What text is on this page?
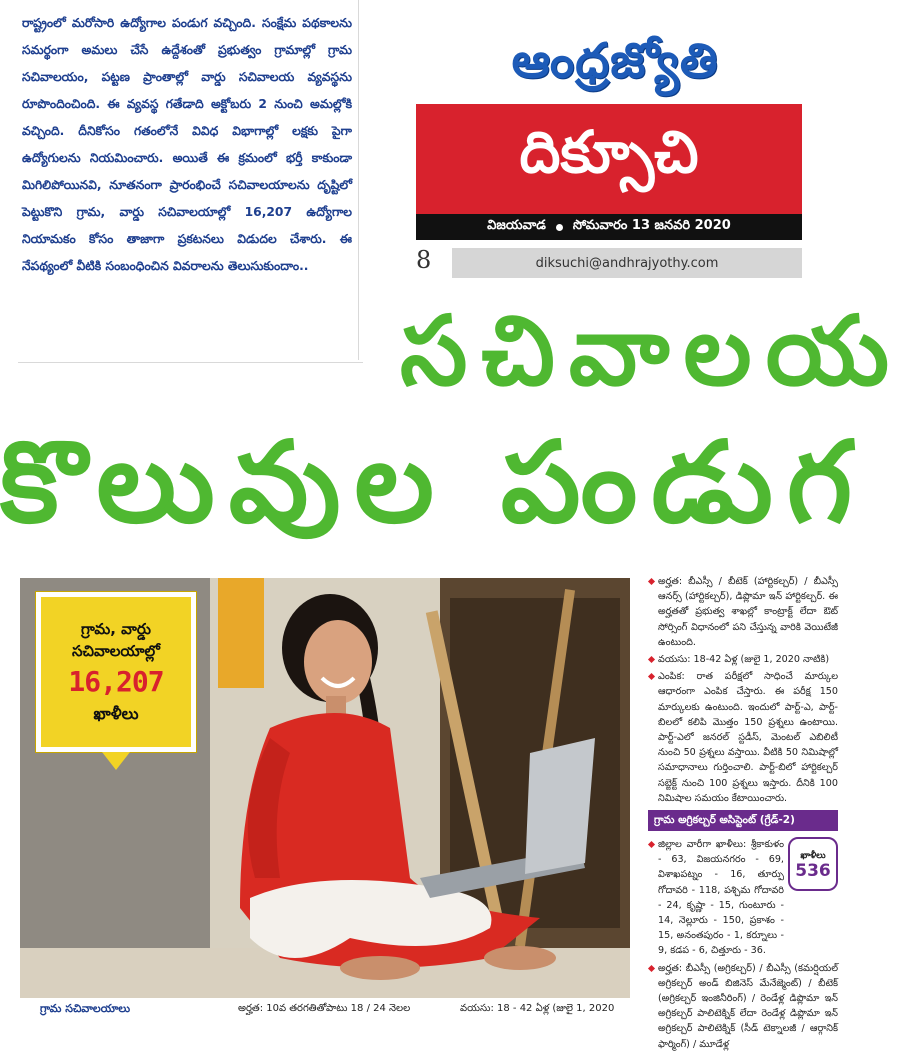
రాష్ట్రంలో మరోసారి ఉద్యోగాల పండుగ వచ్చింది. సంక్షేమ పథకాలను సమర్థంగా అమలు చేసే ఉద్దేశంతో ప్రభుత్వం గ్రామాల్లో గ్రామ సచివాలయం, పట్టణ ప్రాంతాల్లో వార్డు సచివాలయ వ్యవస్థను రూపొందించింది. ఈ వ్యవస్థ గతేడాది అక్టోబరు 2 నుంచి అమల్లోకి వచ్చింది. దీనికోసం గతంలోనే వివిధ విభాగాల్లో లక్షకు పైగా ఉద్యోగులను నియమించారు. అయితే ఈ క్రమంలో భర్తీ కాకుండా మిగిలిపోయినవి, నూతనంగా ప్రారంభించే సచివాలయాలను దృష్టిలో పెట్టుకొని గ్రామ, వార్డు సచివాలయాల్లో 16,207 ఉద్యోగాల నియామకం కోసం తాజాగా ప్రకటనలు విడుదల చేశారు. ఈ నేపథ్యంలో వీటికి సంబంధించిన వివరాలను తెలుసుకుందాం..

ఆంధ్రజ్యోతి
దిక్సూచి
విజయవాడ సోమవారం 13 జనవరి 2020
8	diksuchi@andhrajyothy.com
సచివాలయ
కొలువుల పండుగ
గ్రామ, వార్డు
సచివాలయాల్లో
16,207
ఖాళీలు
అర్హత: బీఎస్సీ / బీటెక్ (హార్టికల్చర్) / బీఎస్సీ ఆనర్స్ (హార్టికల్చర్), డిప్లొమా ఇన్ హార్టికల్చర్. ఈ అర్హతతో ప్రభుత్వ శాఖల్లో కాంట్రాక్ట్ లేదా ఔట్ సోర్సింగ్ విధానంలో పని చేస్తున్న వారికి వెయిటేజీ ఉంటుంది.
వయసు: 18-42 ఏళ్ల (జులై 1, 2020 నాటికి)
ఎంపిక: రాత పరీక్షలో సాధించే మార్కుల ఆధారంగా ఎంపిక చేస్తారు. ఈ పరీక్ష 150 మార్కులకు ఉంటుంది. ఇందులో పార్ట్-ఎ, పార్ట్-బిలలో కలిపి మొత్తం 150 ప్రశ్నలు ఉంటాయి. పార్ట్-ఎలో జనరల్ స్టడీస్, మెంటల్ ఎబిలిటీ నుంచి 50 ప్రశ్నలు వస్తాయి. వీటికి 50 నిమిషాల్లో సమాధానాలు గుర్తించాలి. పార్ట్-బిలో హార్టికల్చర్ సబ్జెక్ట్ నుంచి 100 ప్రశ్నలు ఇస్తారు. దీనికి 100 నిమిషాల సమయం కేటాయించారు.
గ్రామ అగ్రికల్చర్ అసిస్టెంట్ (గ్రేడ్-2)
ఖాళీలు
536
జిల్లాల వారీగా ఖాళీలు: శ్రీకాకుళం - 63, విజయనగరం - 69, విశాఖపట్నం - 16, తూర్పు గోదావరి - 118, పశ్చిమ గోదావరి - 24, కృష్ణా - 15, గుంటూరు - 14, నెల్లూరు - 150, ప్రకాశం - 15, అనంతపురం - 1, కర్నూలు - 9, కడప - 6, చిత్తూరు - 36.
అర్హత: బీఎస్సీ (అగ్రికల్చర్) / బీఎస్సీ (కమర్షియల్ అగ్రికల్చర్ అండ్ బిజినెస్ మేనేజ్మెంట్) / బీటెక్ (అగ్రికల్చర్ ఇంజినీరింగ్) / రెండేళ్ల డిప్లొమా ఇన్ అగ్రికల్చర్ పాలిటెక్నిక్ లేదా రెండేళ్ల డిప్లొమా ఇన్ అగ్రికల్చర్ పాలిటెక్నిక్ (సీడ్ టెక్నాలజీ / ఆర్గానిక్ ఫార్మింగ్) / మూడేళ్ల
గ్రామ సచివాలయాలు	అర్హత: 10వ తరగతితోపాటు 18 / 24 నెలల	వయసు: 18 - 42 ఏళ్ల (జులై 1, 2020
